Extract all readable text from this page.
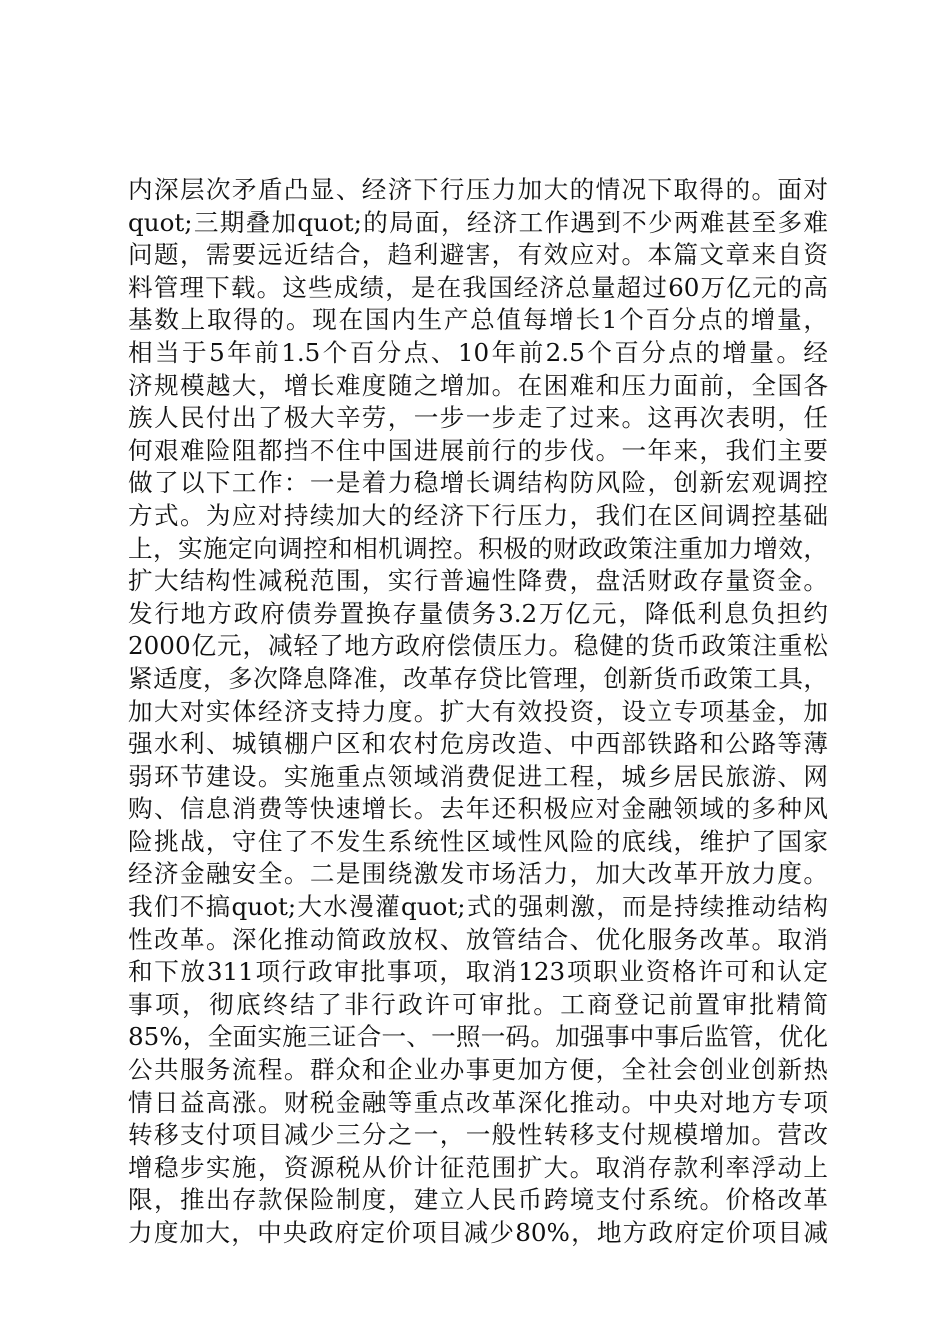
内深层次矛盾凸显、经济下行压力加大的情况下取得的。面对
quot;三期叠加quot;的局面，经济工作遇到不少两难甚至多难
问题，需要远近结合，趋利避害，有效应对。本篇文章来自资
料管理下载。这些成绩，是在我国经济总量超过60万亿元的高
基数上取得的。现在国内生产总值每增长1个百分点的增量，
相当于5年前1.5个百分点、10年前2.5个百分点的增量。经
济规模越大，增长难度随之增加。在困难和压力面前，全国各
族人民付出了极大辛劳，一步一步走了过来。这再次表明，任
何艰难险阻都挡不住中国进展前行的步伐。一年来，我们主要
做了以下工作：一是着力稳增长调结构防风险，创新宏观调控
方式。为应对持续加大的经济下行压力，我们在区间调控基础
上，实施定向调控和相机调控。积极的财政政策注重加力增效，
扩大结构性减税范围，实行普遍性降费，盘活财政存量资金。
发行地方政府债券置换存量债务3.2万亿元，降低利息负担约
2000亿元，减轻了地方政府偿债压力。稳健的货币政策注重松
紧适度，多次降息降准，改革存贷比管理，创新货币政策工具，
加大对实体经济支持力度。扩大有效投资，设立专项基金，加
强水利、城镇棚户区和农村危房改造、中西部铁路和公路等薄
弱环节建设。实施重点领域消费促进工程，城乡居民旅游、网
购、信息消费等快速增长。去年还积极应对金融领域的多种风
险挑战，守住了不发生系统性区域性风险的底线，维护了国家
经济金融安全。二是围绕激发市场活力，加大改革开放力度。
我们不搞quot;大水漫灌quot;式的强刺激，而是持续推动结构
性改革。深化推动简政放权、放管结合、优化服务改革。取消
和下放311项行政审批事项，取消123项职业资格许可和认定
事项，彻底终结了非行政许可审批。工商登记前置审批精简
85%，全面实施三证合一、一照一码。加强事中事后监管，优化
公共服务流程。群众和企业办事更加方便，全社会创业创新热
情日益高涨。财税金融等重点改革深化推动。中央对地方专项
转移支付项目减少三分之一，一般性转移支付规模增加。营改
增稳步实施，资源税从价计征范围扩大。取消存款利率浮动上
限，推出存款保险制度，建立人民币跨境支付系统。价格改革
力度加大，中央政府定价项目减少80%，地方政府定价项目减
